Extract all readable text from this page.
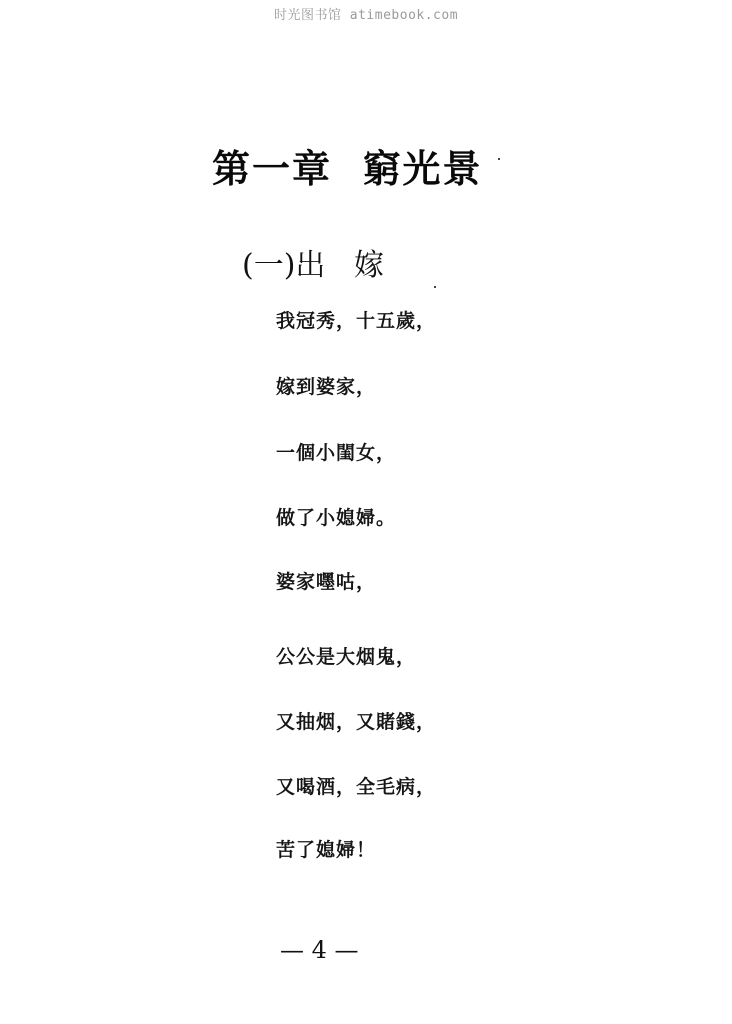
时光图书馆 atimebook.com
第一章  窮光景
(一)出   嫁
我冠秀，十五歲，
嫁到婆家，
一個小閨女，
做了小媳婦。
婆家嚜咕，
公公是大烟鬼，
又抽烟，又賭錢，
又喝酒，全毛病，
苦了媳婦！
— 4 —
